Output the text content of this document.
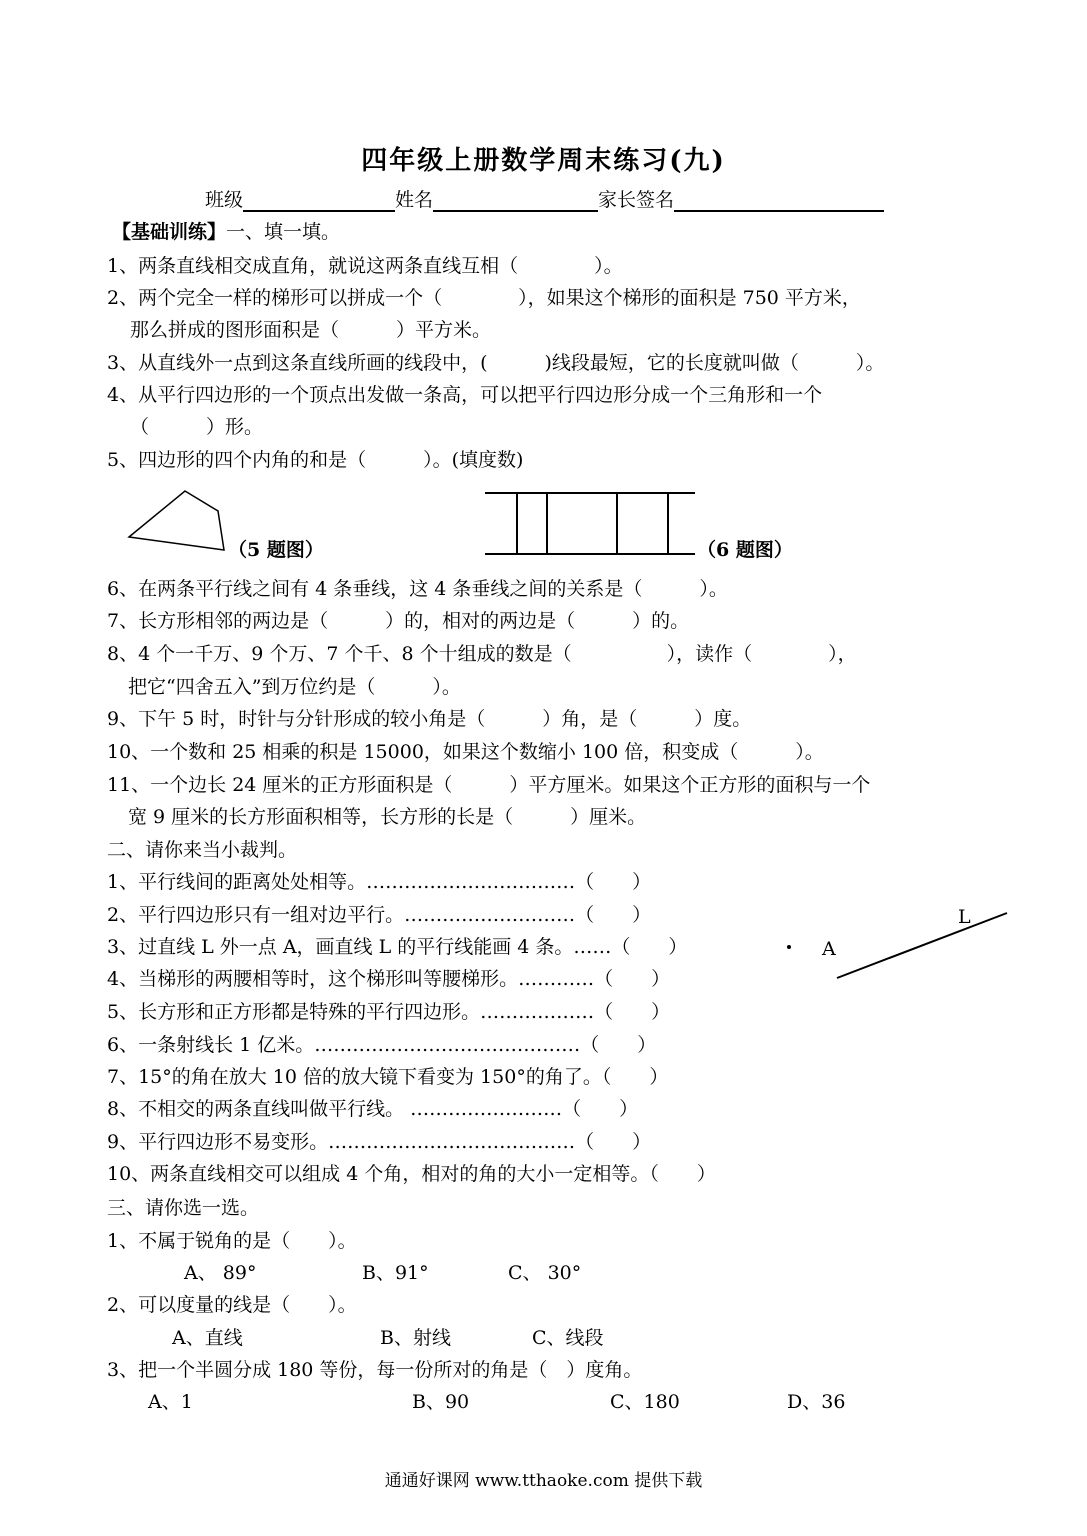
四年级上册数学周末练习(九)
班级	姓名	家长签名
【基础训练】一、填一填。
1、两条直线相交成直角，就说这两条直线互相（　　　　）。
2、两个完全一样的梯形可以拼成一个（　　　　），如果这个梯形的面积是 750 平方米，
那么拼成的图形面积是（　　　）平方米。
3、从直线外一点到这条直线所画的线段中，(　　　)线段最短，它的长度就叫做（　　　）。
4、从平行四边形的一个顶点出发做一条高，可以把平行四边形分成一个三角形和一个
（　　　）形。
5、四边形的四个内角的和是（　　　）。(填度数)
（5 题图）	（6 题图）
6、在两条平行线之间有 4 条垂线，这 4 条垂线之间的关系是（　　　）。
7、长方形相邻的两边是（　　　）的，相对的两边是（　　　）的。
8、4 个一千万、9 个万、7 个千、8 个十组成的数是（　　　　　），读作（　　　　），
把它“四舍五入”到万位约是（　　　）。
9、下午 5 时，时针与分针形成的较小角是（　　　）角，是（　　　）度。
10、一个数和 25 相乘的积是 15000，如果这个数缩小 100 倍，积变成（　　　）。
11、一个边长 24 厘米的正方形面积是（　　　）平方厘米。如果这个正方形的面积与一个
宽 9 厘米的长方形面积相等，长方形的长是（　　　）厘米。
二、请你来当小裁判。
1、平行线间的距离处处相等。……………………………（　　）
2、平行四边形只有一组对边平行。………………………（　　）
3、过直线 L 外一点 A，画直线 L 的平行线能画 4 条。……（　　）
4、当梯形的两腰相等时，这个梯形叫等腰梯形。…………（　　）
5、长方形和正方形都是特殊的平行四边形。………………（　　）
6、一条射线长 1 亿米。……………………………………（　　）
7、15°的角在放大 10 倍的放大镜下看变为 150°的角了。（　　）
8、不相交的两条直线叫做平行线。 ……………………（　　）
9、平行四边形不易变形。…………………………………（　　）
10、两条直线相交可以组成 4 个角，相对的角的大小一定相等。（　　）
L
A
三、请你选一选。
1、不属于锐角的是（　　）。
A、 89°	B、91°	C、 30°
2、可以度量的线是（　　）。
A、直线	B、射线	C、线段
3、把一个半圆分成 180 等份，每一份所对的角是（　）度角。
A、1	B、90	C、180	D、36
通通好课网 www.tthaoke.com 提供下载
